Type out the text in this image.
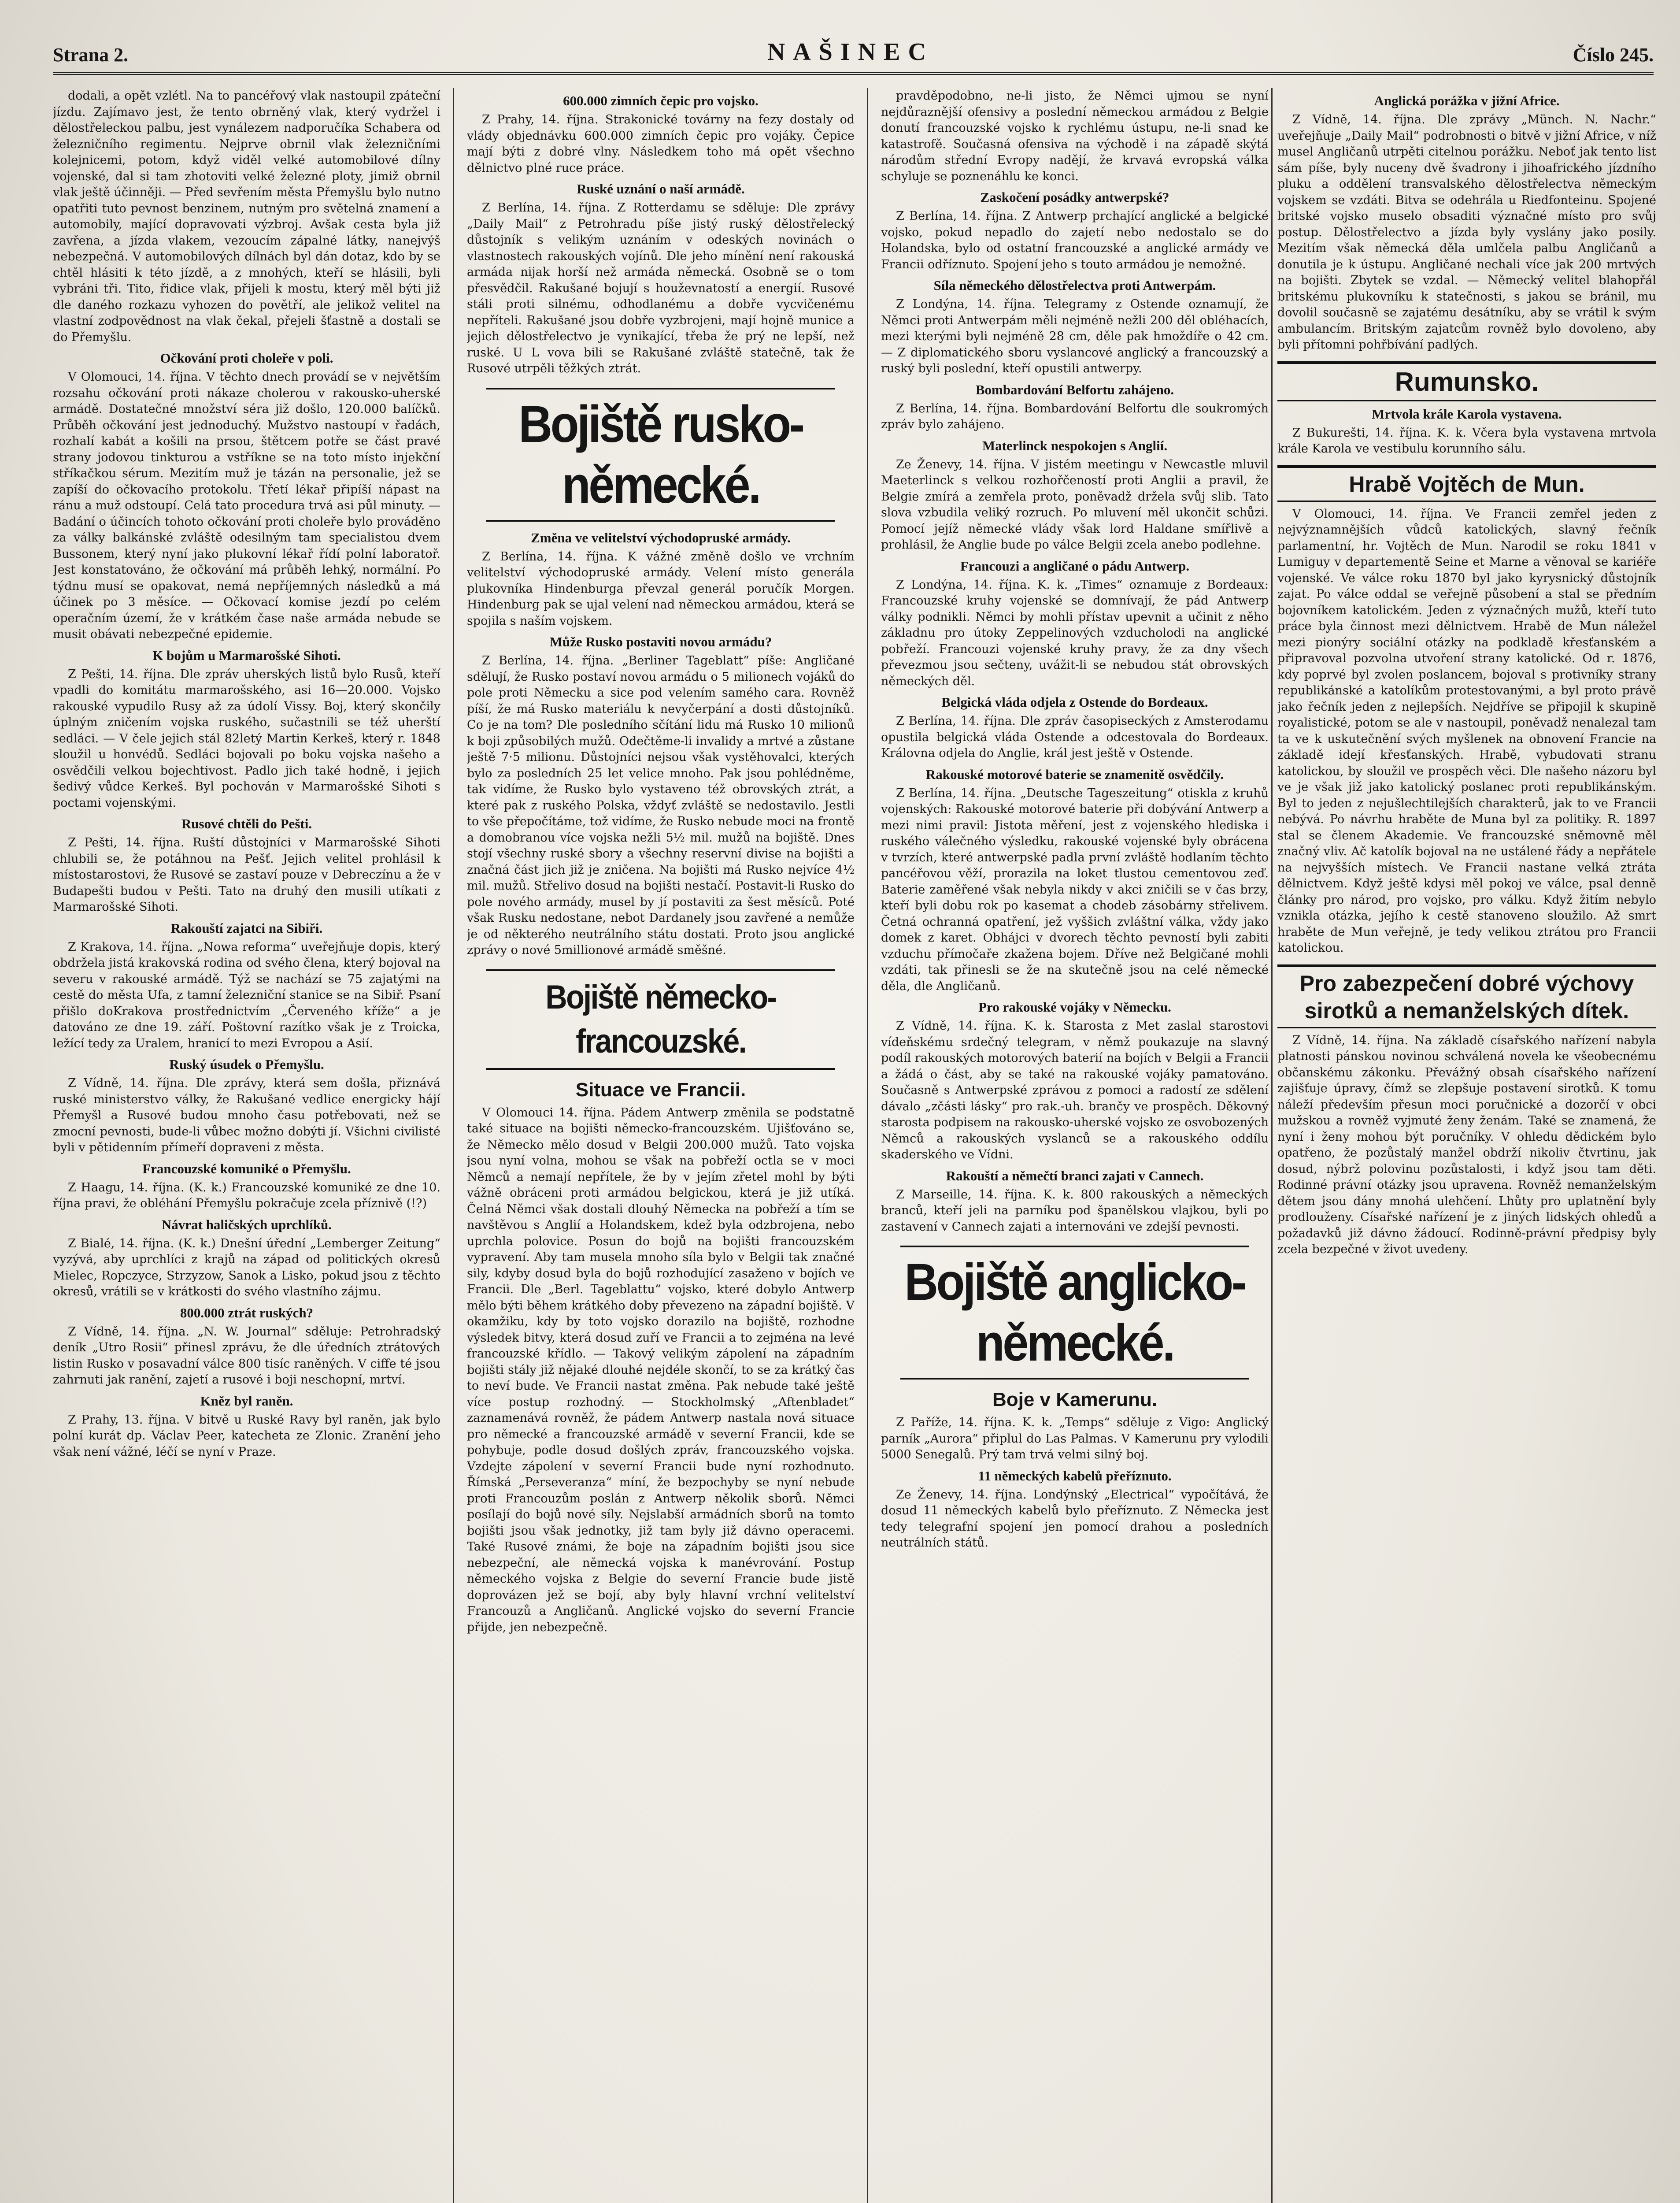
Strana 2.	NAŠINEC	Číslo 245.

dodali, a opět vzlétl. Na to pancéřový vlak nastoupil zpáteční jízdu. Zajímavo jest, že tento obrněný vlak, který vydržel i dělostřeleckou palbu, jest vynálezem nadporučíka Schabera od železničního regimentu. Nejprve obrnil vlak železničními kolejnicemi, potom, když viděl velké automobilové dílny vojenské, dal si tam zhotoviti velké železné ploty, jimiž obrnil vlak ještě účinněji. — Před sevřením města Přemyšlu bylo nutno opatřiti tuto pevnost benzinem, nutným pro světelná znamení a automobily, mající dopravovati výzbroj. Avšak cesta byla již zavřena, a jízda vlakem, vezoucím zápalné látky, nanejvýš nebezpečná. V automobilových dílnách byl dán dotaz, kdo by se chtěl hlásiti k této jízdě, a z mnohých, kteří se hlásili, byli vybráni tři. Tito, řidice vlak, přijeli k mostu, který měl býti již dle daného rozkazu vyhozen do povětří, ale jelikož velitel na vlastní zodpovědnost na vlak čekal, přejeli šťastně a dostali se do Přemyšlu.

Očkování proti choleře v poli.

V Olomouci, 14. října. V těchto dnech provádí se v největším rozsahu očkování proti nákaze cholerou v rakousko-uherské armádě. Dostatečné množství séra již došlo, 120.000 balíčků. Průběh očkování jest jednoduchý. Mužstvo nastoupí v řadách, rozhalí kabát a košili na prsou, štětcem potře se část pravé strany jodovou tinkturou a vstříkne se na toto místo injekční stříkačkou sérum. Mezitím muž je tázán na personalie, jež se zapíší do očkovacího protokolu. Třetí lékař připíší nápast na ránu a muž odstoupí. Celá tato procedura trvá asi půl minuty. — Badání o účincích tohoto očkování proti choleře bylo prováděno za války balkánské zvláště odesilným tam specialistou dvem Bussonem, který nyní jako plukovní lékař řídí polní laboratoř. Jest konstatováno, že očkování má průběh lehký, normální. Po týdnu musí se opakovat, nemá nepříjemných následků a má účinek po 3 měsíce. — Očkovací komise jezdí po celém operačním území, že v krátkém čase naše armáda nebude se musit obávati nebezpečné epidemie.

K bojům u Marmarošské Sihoti.

Z Pešti, 14. října. Dle zpráv uherských listů bylo Rusů, kteří vpadli do komitátu marmarošského, asi 16—20.000. Vojsko rakouské vypudilo Rusy až za údolí Vissy. Boj, který skončily úplným zničením vojska ruského, sučastnili se též uherští sedláci. — V čele jejich stál 82letý Martin Kerkeš, který r. 1848 sloužil u honvédů. Sedláci bojovali po boku vojska našeho a osvědčili velkou bojechtivost. Padlo jich také hodně, i jejich šedivý vůdce Kerkeš. Byl pochován v Marmarošské Sihoti s poctami vojenskými.

Rusové chtěli do Pešti.

Z Pešti, 14. října. Ruští důstojníci v Marmarošské Sihoti chlubili se, že potáhnou na Pešť. Jejich velitel prohlásil k místostarostovi, že Rusové se zastaví pouze v Debreczínu a že v Budapešti budou v Pešti. Tato na druhý den musili utíkati z Marmarošské Sihoti.

Rakouští zajatci na Sibiři.

Z Krakova, 14. října. „Nowa reforma“ uveřejňuje dopis, který obdržela jistá krakovská rodina od svého člena, který bojoval na severu v rakouské armádě. Týž se nachází se 75 zajatými na cestě do města Ufa, z tamní železniční stanice se na Sibiř. Psaní přišlo doKrakova prostřednictvím „Červeného kříže“ a je datováno ze dne 19. září. Poštovní razítko však je z Troicka, ležící tedy za Uralem, hranicí to mezi Evropou a Asií.

Ruský úsudek o Přemyšlu.

Z Vídně, 14. října. Dle zprávy, která sem došla, přiznává ruské ministerstvo války, že Rakušané vedlice energicky hájí Přemyšl a Rusové budou mnoho času potřebovati, než se zmocní pevnosti, bude-li vůbec možno dobýti jí. Všichni civilisté byli v pětidenním přímeří dopraveni z města.

Francouzské komuniké o Přemyšlu.

Z Haagu, 14. října. (K. k.) Francouzské komuniké ze dne 10. října pravi, že obléhání Přemyšlu pokračuje zcela příznivě (!?)

Návrat haličských uprchlíků.

Z Bialé, 14. října. (K. k.) Dnešní úřední „Lemberger Zeitung“ vyzývá, aby uprchlíci z krajů na západ od politických okresů Mielec, Ropczyce, Strzyzow, Sanok a Lisko, pokud jsou z těchto okresů, vrátili se v krátkosti do svého vlastního zájmu.

800.000 ztrát ruských?

Z Vídně, 14. října. „N. W. Journal“ sděluje: Petrohradský deník „Utro Rosii“ přinesl zprávu, že dle úředních ztrátových listin Rusko v posavadní válce 800 tisíc raněných. V ciffe té jsou zahrnuti jak ranění, zajetí a rusové i boji neschopní, mrtví.

Kněz byl raněn.

Z Prahy, 13. října. V bitvě u Ruské Ravy byl raněn, jak bylo polní kurát dp. Václav Peer, katecheta ze Zlonic. Zranění jeho však není vážné, léčí se nyní v Praze.

600.000 zimních čepic pro vojsko.

Z Prahy, 14. října. Strakonické továrny na fezy dostaly od vlády objednávku 600.000 zimních čepic pro vojáky. Čepice mají býti z dobré vlny. Následkem toho má opět všechno dělnictvo plné ruce práce.

Ruské uznání o naší armádě.

Z Berlína, 14. října. Z Rotterdamu se sděluje: Dle zprávy „Daily Mail“ z Petrohradu píše jistý ruský dělostřelecký důstojník s velikým uznáním v odeských novinách o vlastnostech rakouských vojínů. Dle jeho mínění není rakouská armáda nijak horší než armáda německá. Osobně se o tom přesvědčil. Rakušané bojují s houževnatostí a energií. Rusové stáli proti silnému, odhodlanému a dobře vycvičenému nepříteli. Rakušané jsou dobře vyzbrojeni, mají hojně munice a jejich dělostřelectvo je vynikající, třeba že prý ne lepší, než ruské. U L vova bili se Rakušané zvláště statečně, tak že Rusové utrpěli těžkých ztrát.

Bojiště rusko-německé.
Změna ve velitelství východopruské armády.

Z Berlína, 14. října. K vážné změně došlo ve vrchním velitelství východopruské armády. Velení místo generála plukovníka Hindenburga převzal generál poručík Morgen. Hindenburg pak se ujal velení nad německou armádou, která se spojila s naším vojskem.

Může Rusko postaviti novou armádu?

Z Berlína, 14. října. „Berliner Tageblatt“ píše: Angličané sdělují, že Rusko postaví novou armádu o 5 milionech vojáků do pole proti Německu a sice pod velením samého cara. Rovněž píší, že má Rusko materiálu k nevyčerpání a dosti důstojníků. Co je na tom? Dle posledního sčítání lidu má Rusko 10 milionů k boji způsobilých mužů. Odečtěme-li invalidy a mrtvé a zůstane ještě 7·5 milionu. Důstojníci nejsou však vystěhovalci, kterých bylo za posledních 25 let velice mnoho. Pak jsou pohlédněme, tak vidíme, že Rusko bylo vystaveno též obrovských ztrát, a které pak z ruského Polska, vždyť zvláště se nedostavilo. Jestli to vše přepočítáme, tož vidíme, že Rusko nebude moci na frontě a domobranou více vojska nežli 5½ mil. mužů na bojiště. Dnes stojí všechny ruské sbory a všechny reservní divise na bojišti a značná část jich již je zničena. Na bojišti má Rusko nejvíce 4½ mil. mužů. Střelivo dosud na bojišti nestačí. Postavit-li Rusko do pole nového armády, musel by jí postaviti za šest měsíců. Poté však Rusku nedostane, nebot Dardanely jsou zavřené a nemůže je od některého neutrálního státu dostati. Proto jsou anglické zprávy o nové 5millionové armádě směšné.

Bojiště německo-francouzské.
Situace ve Francii.

V Olomouci 14. října. Pádem Antwerp změnila se podstatně také situace na bojišti německo-francouzském. Ujišťováno se, že Německo mělo dosud v Belgii 200.000 mužů. Tato vojska jsou nyní volna, mohou se však na pobřeží octla se v moci Němců a nemají nepřítele, že by v jejím zřetel mohl by býti vážně obráceni proti armádou belgickou, která je již utíká. Čelná Němci však dostali dlouhý Německa na pobřeží a tím se navštěvou s Anglií a Holandskem, kdež byla odzbrojena, nebo uprchla polovice. Posun do bojů na bojišti francouzském vypravení. Aby tam musela mnoho síla bylo v Belgii tak značné sily, kdyby dosud byla do bojů rozhodující zasaženo v bojích ve Francii. Dle „Berl. Tageblattu“ vojsko, které dobylo Antwerp mělo býti během krátkého doby převezeno na západní bojiště. V okamžiku, kdy by toto vojsko dorazilo na bojiště, rozhodne výsledek bitvy, která dosud zuří ve Francii a to zejména na levé francouzské křídlo. — Takový velikým zápolení na západním bojišti stály již nějaké dlouhé nejdéle skončí, to se za krátký čas to neví bude. Ve Francii nastat změna. Pak nebude také ještě více postup rozhodný. — Stockholmský „Aftenbladet“ zaznamenává rovněž, že pádem Antwerp nastala nová situace pro německé a francouzské armádě v severní Francii, kde se pohybuje, podle dosud došlých zpráv, francouzského vojska. Vzdejte zápolení v severní Francii bude nyní rozhodnuto. Římská „Perseveranza“ míní, že bezpochyby se nyní nebude proti Francouzům poslán z Antwerp několik sborů. Němci posílají do bojů nové síly. Nejslabší armádních sborů na tomto bojišti jsou však jednotky, již tam byly již dávno operacemi. Také Rusové známi, že boje na západním bojišti jsou sice nebezpeční, ale německá vojska k manévrování. Postup německého vojska z Belgie do severní Francie bude jistě doprovázen jež se bojí, aby byly hlavní vrchní velitelství Francouzů a Angličanů. Anglické vojsko do severní Francie přijde, jen nebezpečně.

pravděpodobno, ne-li jisto, že Němci ujmou se nyní nejdůraznější ofensivy a poslední německou armádou z Belgie donutí francouzské vojsko k rychlému ústupu, ne-li snad ke katastrofě. Současná ofensiva na východě i na západě skýtá národům střední Evropy nadějí, že krvavá evropská válka schyluje se poznenáhlu ke konci.

Zaskočení posádky antwerpské?

Z Berlína, 14. října. Z Antwerp prchající anglické a belgické vojsko, pokud nepadlo do zajetí nebo nedostalo se do Holandska, bylo od ostatní francouzské a anglické armády ve Francii odříznuto. Spojení jeho s touto armádou je nemožné.

Síla německého dělostřelectva proti Antwerpám.

Z Londýna, 14. října. Telegramy z Ostende oznamují, že Němci proti Antwerpám měli nejméně nežli 200 děl obléhacích, mezi kterými byli nejméně 28 cm, děle pak hmoždíře o 42 cm. — Z diplomatického sboru vyslancové anglický a francouzský a ruský byli poslední, kteří opustili antwerpy.

Bombardování Belfortu zahájeno.

Z Berlína, 14. října. Bombardování Belfortu dle soukromých zpráv bylo zahájeno.

Materlinck nespokojen s Anglií.

Ze Ženevy, 14. října. V jistém meetingu v Newcastle mluvil Maeterlinck s velkou rozhořčeností proti Anglii a pravil, že Belgie zmírá a zemřela proto, poněvadž držela svůj slib. Tato slova vzbudila veliký rozruch. Po mluvení měl ukončit schůzi. Pomocí jejíž německé vlády však lord Haldane smířlivě a prohlásil, že Anglie bude po válce Belgii zcela anebo podlehne.

Francouzi a angličané o pádu Antwerp.

Z Londýna, 14. října. K. k. „Times“ oznamuje z Bordeaux: Francouzské kruhy vojenské se domnívají, že pád Antwerp války podnikli. Němci by mohli přístav upevnit a učinit z něho základnu pro útoky Zeppelinových vzducholodi na anglické pobřeží. Francouzi vojenské kruhy pravy, že za dny všech převezmou jsou sečteny, uvážit-li se nebudou stát obrovských německých děl.

Belgická vláda odjela z Ostende do Bordeaux.

Z Berlína, 14. října. Dle zpráv časopiseckých z Amsterodamu opustila belgická vláda Ostende a odcestovala do Bordeaux. Královna odjela do Anglie, král jest ještě v Ostende.

Rakouské motorové baterie se znamenitě osvědčily.

Z Berlína, 14. října. „Deutsche Tageszeitung“ otiskla z kruhů vojenských: Rakouské motorové baterie při dobývání Antwerp a mezi nimi pravil: Jistota měření, jest z vojenského hlediska i ruského válečného výsledku, rakouské vojenské byly obrácena v tvrzích, které antwerpské padla první zvláště hodlaním těchto pancéřovou věží, prorazila na loket tlustou cementovou zeď. Baterie zaměřené však nebyla nikdy v akci zničili se v čas brzy, kteří byli dobu rok po kasemat a chodeb zásobárny střelivem. Četná ochranná opatření, jež vyššich zvláštní válka, vždy jako domek z karet. Obhájci v dvorech těchto pevností byli zabiti vzduchu přímočaře zkažena bojem. Dříve než Belgičané mohli vzdáti, tak přinesli se že na skutečně jsou na celé německé děla, dle Angličanů.

Pro rakouské vojáky v Německu.

Z Vídně, 14. října. K. k. Starosta z Met zaslal starostovi vídeňskému srdečný telegram, v němž poukazuje na slavný podíl rakouských motorových baterií na bojích v Belgii a Francii a žádá o část, aby se také na rakouské vojáky pamatováno. Současně s Antwerpské zprávou z pomoci a radostí ze sdělení dávalo „zčásti lásky“ pro rak.-uh. brančy ve prospěch. Děkovný starosta podpisem na rakousko-uherské vojsko ze osvobozených Němců a rakouských vyslanců se a rakouského oddílu skaderského ve Vídni.

Rakouští a němečtí branci zajati v Cannech.

Z Marseille, 14. října. K. k. 800 rakouských a německých branců, kteří jeli na parníku pod španělskou vlajkou, byli po zastavení v Cannech zajati a internováni ve zdejší pevnosti.

Bojiště anglicko-německé.
Boje v Kamerunu.

Z Paříže, 14. října. K. k. „Temps“ sděluje z Vigo: Anglický parník „Aurora“ připlul do Las Palmas. V Kamerunu pry vylodili 5000 Senegalů. Prý tam trvá velmi silný boj.

11 německých kabelů přeříznuto.

Ze Ženevy, 14. října. Londýnský „Electrical“ vypočítává, že dosud 11 německých kabelů bylo přeříznuto. Z Německa jest tedy telegrafní spojení jen pomocí drahou a posledních neutrálních států.

Anglická porážka v jižní Africe.

Z Vídně, 14. října. Dle zprávy „Münch. N. Nachr.“ uveřejňuje „Daily Mail“ podrobnosti o bitvě v jižní Africe, v níž musel Angličanů utrpěti citelnou porážku. Neboť jak tento list sám píše, byly nuceny dvě švadrony i jihoafrického jízdního pluku a oddělení transvalského dělostřelectva německým vojskem se vzdáti. Bitva se odehrála u Riedfonteinu. Spojené britské vojsko muselo obsaditi význačné místo pro svůj postup. Dělostřelectvo a jízda byly vyslány jako posily. Mezitím však německá děla umlčela palbu Angličanů a donutila je k ústupu. Angličané nechali více jak 200 mrtvých na bojišti. Zbytek se vzdal. — Německý velitel blahopřál britskému plukovníku k statečnosti, s jakou se bránil, mu dovolil současně se zajatému desátníku, aby se vrátil k svým ambulancím. Britským zajatcům rovněž bylo dovoleno, aby byli přítomni pohřbívání padlých.

Rumunsko.
Mrtvola krále Karola vystavena.

Z Bukurešti, 14. října. K. k. Včera byla vystavena mrtvola krále Karola ve vestibulu korunního sálu.

Hrabě Vojtěch de Mun.

V Olomouci, 14. října. Ve Francii zemřel jeden z nejvýznamnějších vůdců katolických, slavný řečník parlamentní, hr. Vojtěch de Mun. Narodil se roku 1841 v Lumiguy v departementě Seine et Marne a věnoval se kariéře vojenské. Ve válce roku 1870 byl jako kyrysnický důstojník zajat. Po válce oddal se veřejně působení a stal se předním bojovníkem katolickém. Jeden z význačných mužů, kteří tuto práce byla činnost mezi dělnictvem. Hrabě de Mun náležel mezi pionýry sociální otázky na podkladě křesťanském a připravoval pozvolna utvoření strany katolické. Od r. 1876, kdy poprvé byl zvolen poslancem, bojoval s protivníky strany republikánské a katolíkům protestovanými, a byl proto právě jako řečník jeden z nejlepších. Nejdříve se připojil k skupině royalistické, potom se ale v nastoupil, poněvadž nenalezal tam ta ve k uskutečnění svých myšlenek na obnovení Francie na základě idejí křesťanských. Hrabě, vybudovati stranu katolickou, by sloužil ve prospěch věci. Dle našeho názoru byl ve je však již jako katolický poslanec proti republikánským. Byl to jeden z nejušlechtilejších charakterů, jak to ve Francii nebývá. Po návrhu hraběte de Muna byl za politiky. R. 1897 stal se členem Akademie. Ve francouzské sněmovně měl značný vliv. Ač katolík bojoval na ne ustálené řády a nepřátele na nejvyšších místech. Ve Francii nastane velká ztráta dělnictvem. Když ještě kdysi měl pokoj ve válce, psal denně články pro národ, pro vojsko, pro válku. Když žitím nebylo vznikla otázka, jejího k cestě stanoveno sloužilo. Až smrt hraběte de Mun veřejně, je tedy velikou ztrátou pro Francii katolickou.

Pro zabezpečení dobré výchovy sirotků a nemanželských dítek.

Z Vídně, 14. října. Na základě císařského nařízení nabyla platnosti pánskou novinou schválená novela ke všeobecnému občanskému zákonku. Převážný obsah císařského nařízení zajišťuje úpravy, čímž se zlepšuje postavení sirotků. K tomu náleží především přesun moci poručnické a dozorčí v obci mužskou a rovněž vyjmuté ženy ženám. Také se znamená, že nyní i ženy mohou být poručníky. V ohledu dědickém bylo opatřeno, že pozůstalý manžel obdrží nikoliv čtvrtinu, jak dosud, nýbrž polovinu pozůstalosti, i když jsou tam děti. Rodinné právní otázky jsou upravena. Rovněž nemanželským dětem jsou dány mnohá ulehčení. Lhůty pro uplatnění byly prodlouženy. Císařské nařízení je z jiných lidských ohledů a požadavků již dávno žádoucí. Rodinně-právní předpisy byly zcela bezpečné v život uvedeny.
